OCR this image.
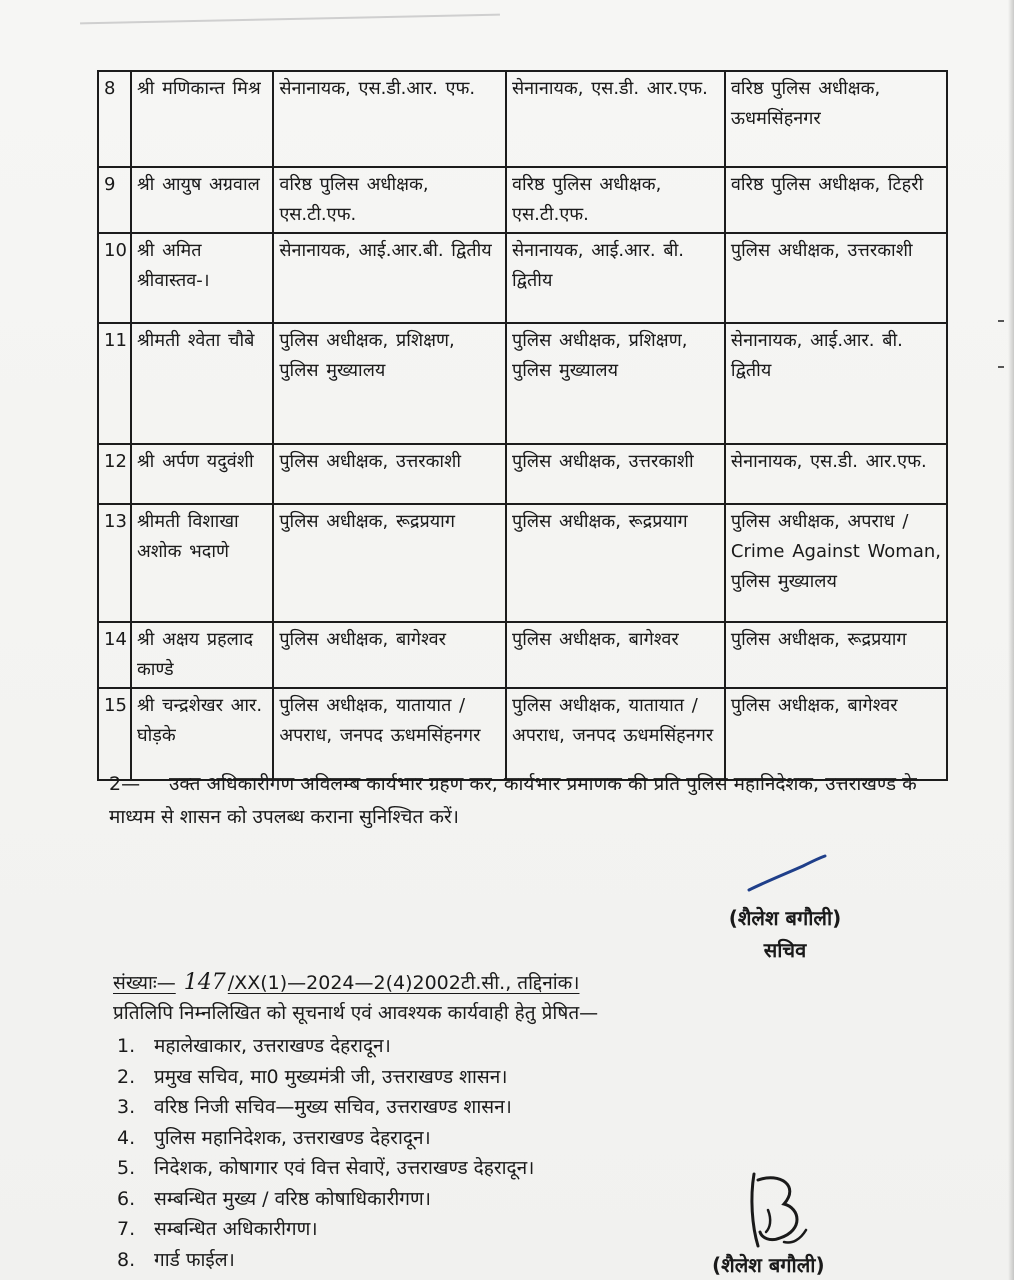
8	श्री मणिकान्त मिश्र	सेनानायक, एस.डी.आर. एफ.	सेनानायक, एस.डी. आर.एफ.	वरिष्ठ पुलिस अधीक्षक, ऊधमसिंहनगर
9	श्री आयुष अग्रवाल	वरिष्ठ पुलिस अधीक्षक, एस.टी.एफ.	वरिष्ठ पुलिस अधीक्षक, एस.टी.एफ.	वरिष्ठ पुलिस अधीक्षक, टिहरी
10	श्री अमित श्रीवास्तव-।	सेनानायक, आई.आर.बी. द्वितीय	सेनानायक, आई.आर. बी. द्वितीय	पुलिस अधीक्षक, उत्तरकाशी
11	श्रीमती श्वेता चौबे	पुलिस अधीक्षक, प्रशिक्षण, पुलिस मुख्यालय	पुलिस अधीक्षक, प्रशिक्षण, पुलिस मुख्यालय	सेनानायक, आई.आर. बी. द्वितीय
12	श्री अर्पण यदुवंशी	पुलिस अधीक्षक, उत्तरकाशी	पुलिस अधीक्षक, उत्तरकाशी	सेनानायक, एस.डी. आर.एफ.
13	श्रीमती विशाखा अशोक भदाणे	पुलिस अधीक्षक, रूद्रप्रयाग	पुलिस अधीक्षक, रूद्रप्रयाग	पुलिस अधीक्षक, अपराध / Crime Against Woman, पुलिस मुख्यालय
14	श्री अक्षय प्रहलाद काण्डे	पुलिस अधीक्षक, बागेश्वर	पुलिस अधीक्षक, बागेश्वर	पुलिस अधीक्षक, रूद्रप्रयाग
15	श्री चन्द्रशेखर आर. घोड़के	पुलिस अधीक्षक, यातायात / अपराध, जनपद ऊधमसिंहनगर	पुलिस अधीक्षक, यातायात / अपराध, जनपद ऊधमसिंहनगर	पुलिस अधीक्षक, बागेश्वर
2— उक्त अधिकारीगण अविलम्ब कार्यभार ग्रहण कर, कार्यभार प्रमाणक की प्रति पुलिस महानिदेशक, उत्तराखण्ड के माध्यम से शासन को उपलब्ध कराना सुनिश्चित करें।
(शैलेश बगौली)
सचिव
संख्याः— 147 /XX(1)—2024—2(4)2002टी.सी., तद्दिनांक।
प्रतिलिपि निम्नलिखित को सूचनार्थ एवं आवश्यक कार्यवाही हेतु प्रेषित—
1. महालेखाकार, उत्तराखण्ड देहरादून।
2. प्रमुख सचिव, मा0 मुख्यमंत्री जी, उत्तराखण्ड शासन।
3. वरिष्ठ निजी सचिव—मुख्य सचिव, उत्तराखण्ड शासन।
4. पुलिस महानिदेशक, उत्तराखण्ड देहरादून।
5. निदेशक, कोषागार एवं वित्त सेवाऐं, उत्तराखण्ड देहरादून।
6. सम्बन्धित मुख्य / वरिष्ठ कोषाधिकारीगण।
7. सम्बन्धित अधिकारीगण।
8. गार्ड फाईल।	(शैलेश बगौली)
